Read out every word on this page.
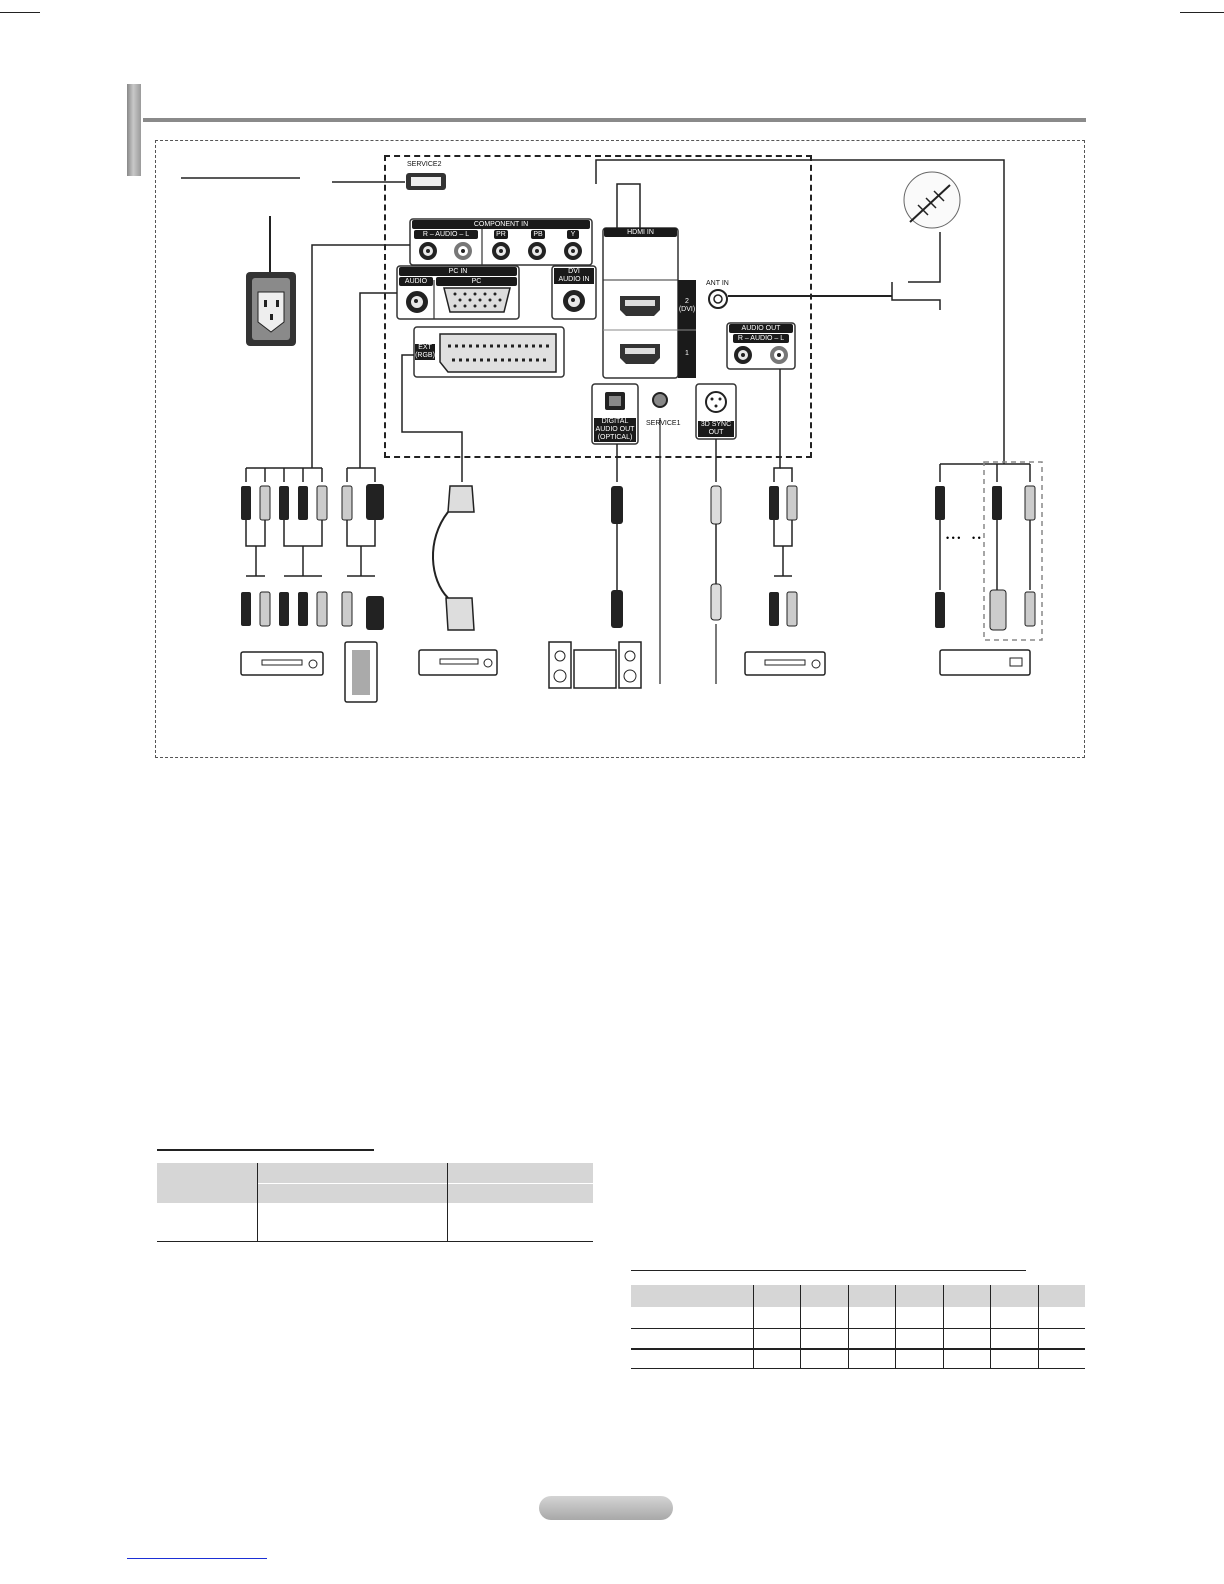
• • • • •
SERVICE2
COMPONENT IN
R – AUDIO – L	PR	PB	Y
PC IN
AUDIO	PC
DVI
AUDIO IN
EXT
(RGB)
HDMI IN
2
(DVI)
1
ANT IN
AUDIO OUT
R – AUDIO – L
DIGITAL
AUDIO OUT
(OPTICAL)
SERVICE1	3D SYNC
OUT
